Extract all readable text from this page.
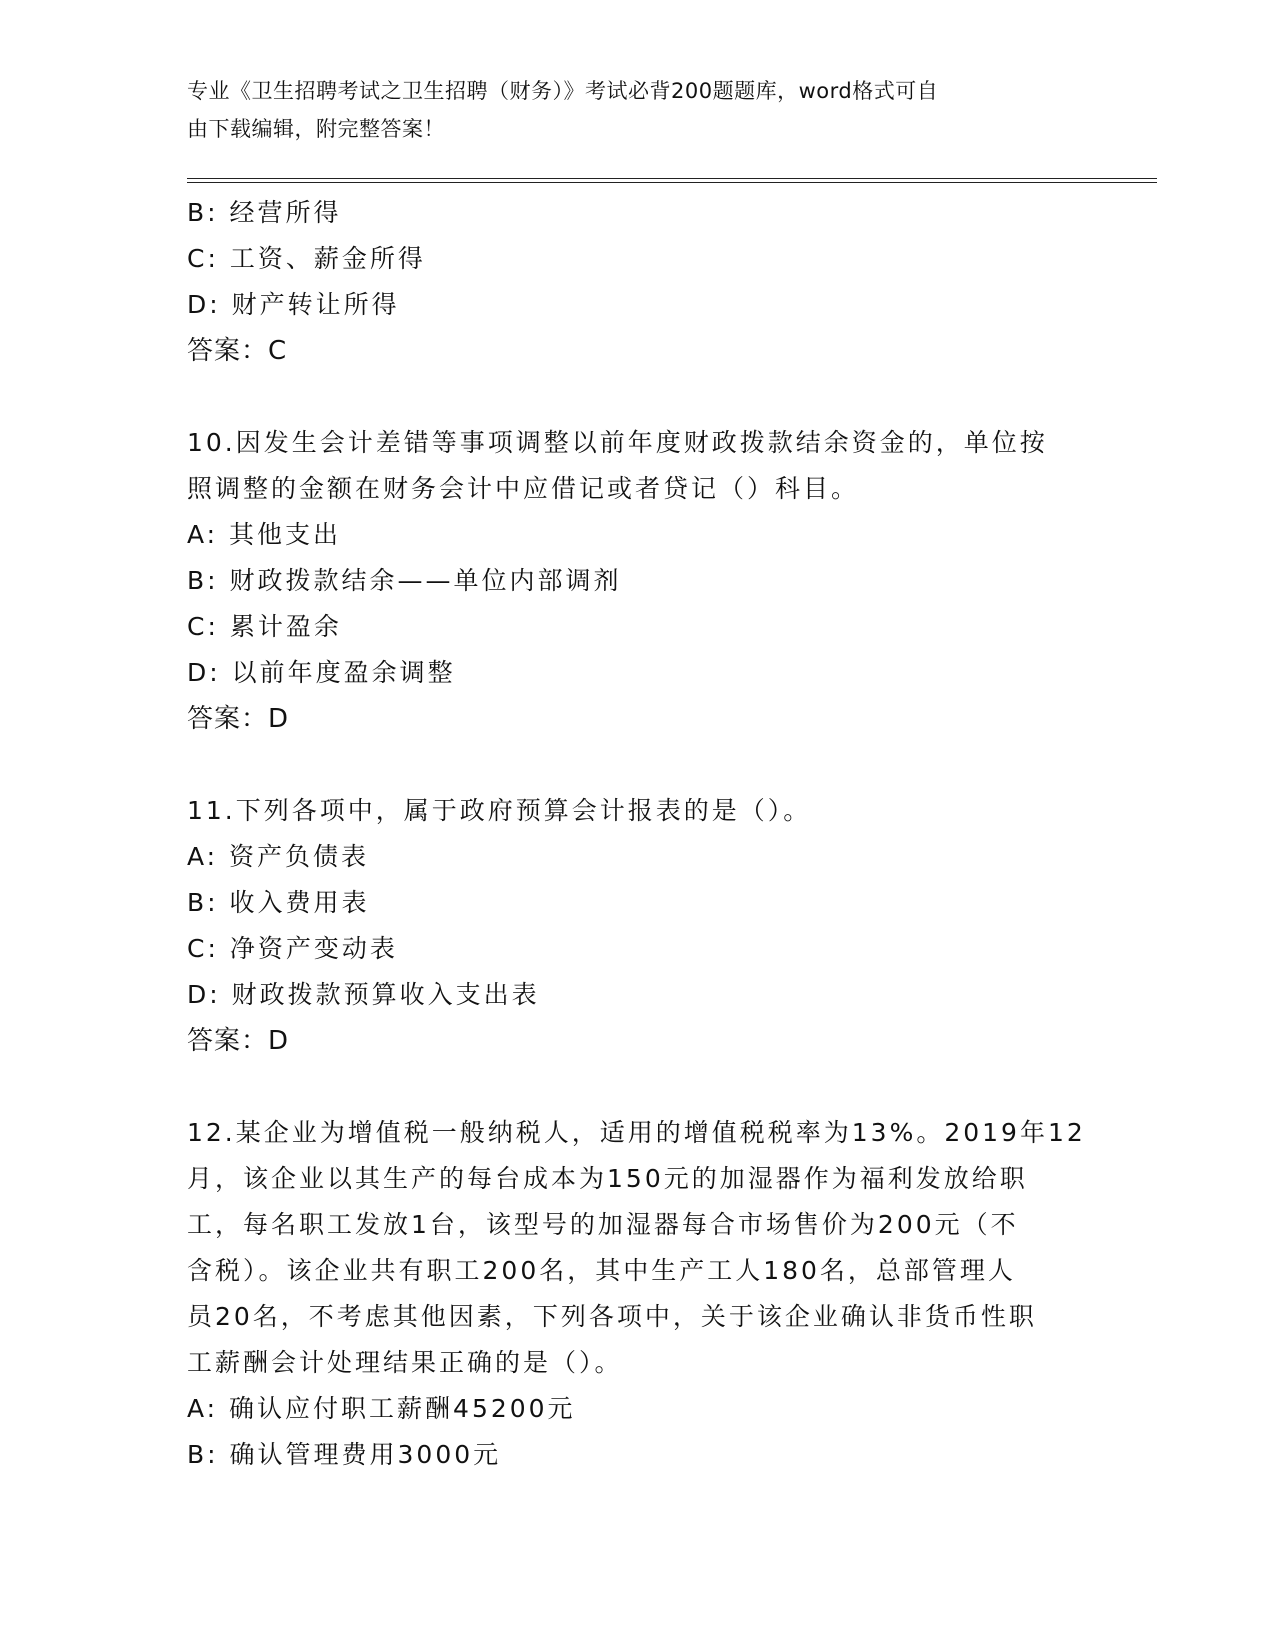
专业《卫生招聘考试之卫生招聘（财务）》考试必背200题题库，word格式可自
由下载编辑，附完整答案！

B: 经营所得

C: 工资、薪金所得

D: 财产转让所得

答案：C

10.因发生会计差错等事项调整以前年度财政拨款结余资金的，单位按

照调整的金额在财务会计中应借记或者贷记（）科目。

A: 其他支出

B: 财政拨款结余——单位内部调剂

C: 累计盈余

D: 以前年度盈余调整

答案：D

11.下列各项中，属于政府预算会计报表的是（）。

A: 资产负债表

B: 收入费用表

C: 净资产变动表

D: 财政拨款预算收入支出表

答案：D

12.某企业为增值税一般纳税人，适用的增值税税率为13%。2019年12

月，该企业以其生产的每台成本为150元的加湿器作为福利发放给职

工，每名职工发放1台，该型号的加湿器每合市场售价为200元（不

含税）。该企业共有职工200名，其中生产工人180名，总部管理人

员20名，不考虑其他因素，下列各项中，关于该企业确认非货币性职

工薪酬会计处理结果正确的是（）。

A: 确认应付职工薪酬45200元

B: 确认管理费用3000元
